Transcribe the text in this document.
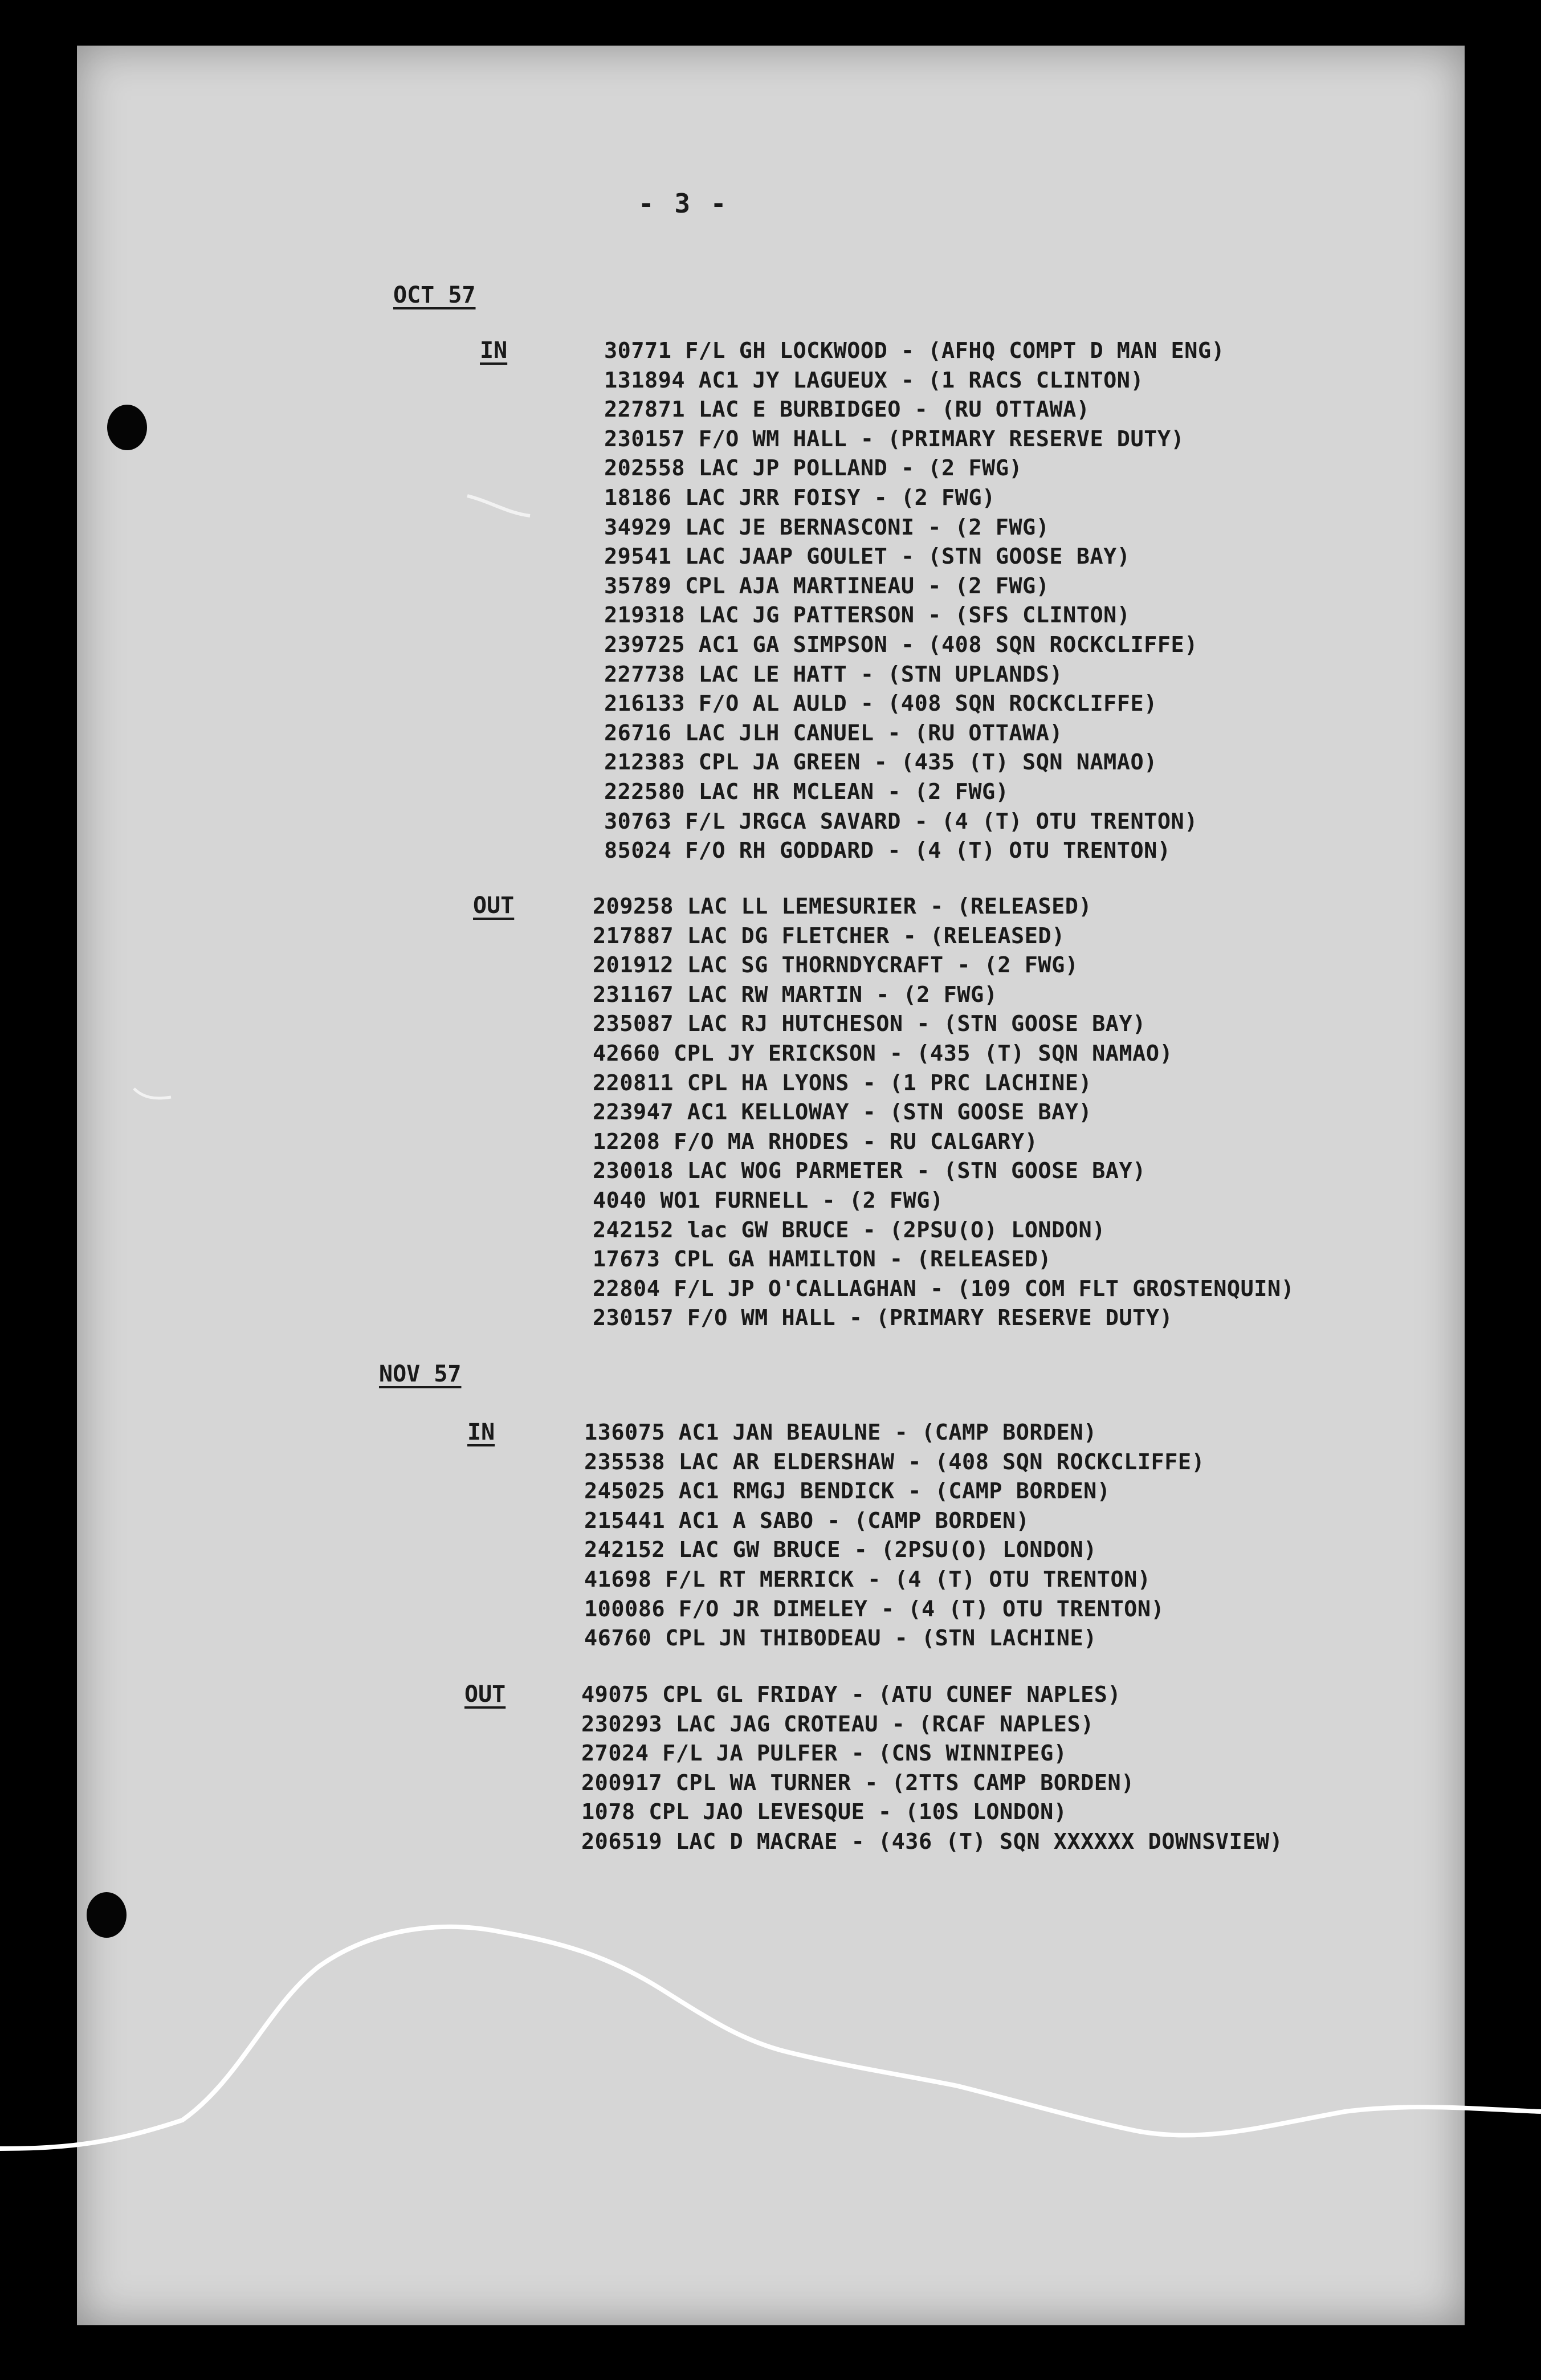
- 3 -
OCT 57
IN	30771 F/L GH LOCKWOOD - (AFHQ COMPT D MAN ENG)
131894 AC1 JY LAGUEUX - (1 RACS CLINTON)
227871 LAC E BURBIDGEO - (RU OTTAWA)
230157 F/O WM HALL - (PRIMARY RESERVE DUTY)
202558 LAC JP POLLAND - (2 FWG)
18186 LAC JRR FOISY - (2 FWG)
34929 LAC JE BERNASCONI - (2 FWG)
29541 LAC JAAP GOULET - (STN GOOSE BAY)
35789 CPL AJA MARTINEAU - (2 FWG)
219318 LAC JG PATTERSON - (SFS CLINTON)
239725 AC1 GA SIMPSON - (408 SQN ROCKCLIFFE)
227738 LAC LE HATT - (STN UPLANDS)
216133 F/O AL AULD - (408 SQN ROCKCLIFFE)
26716 LAC JLH CANUEL - (RU OTTAWA)
212383 CPL JA GREEN - (435 (T) SQN NAMAO)
222580 LAC HR MCLEAN - (2 FWG)
30763 F/L JRGCA SAVARD - (4 (T) OTU TRENTON)
85024 F/O RH GODDARD - (4 (T) OTU TRENTON)
OUT	209258 LAC LL LEMESURIER - (RELEASED)
217887 LAC DG FLETCHER - (RELEASED)
201912 LAC SG THORNDYCRAFT - (2 FWG)
231167 LAC RW MARTIN - (2 FWG)
235087 LAC RJ HUTCHESON - (STN GOOSE BAY)
42660 CPL JY ERICKSON - (435 (T) SQN NAMAO)
220811 CPL HA LYONS - (1 PRC LACHINE)
223947 AC1 KELLOWAY - (STN GOOSE BAY)
12208 F/O MA RHODES - RU CALGARY)
230018 LAC WOG PARMETER - (STN GOOSE BAY)
4040 WO1 FURNELL - (2 FWG)
242152 lac GW BRUCE - (2PSU(O) LONDON)
17673 CPL GA HAMILTON - (RELEASED)
22804 F/L JP O'CALLAGHAN - (109 COM FLT GROSTENQUIN)
230157 F/O WM HALL - (PRIMARY RESERVE DUTY)
NOV 57
IN	136075 AC1 JAN BEAULNE - (CAMP BORDEN)
235538 LAC AR ELDERSHAW - (408 SQN ROCKCLIFFE)
245025 AC1 RMGJ BENDICK - (CAMP BORDEN)
215441 AC1 A SABO - (CAMP BORDEN)
242152 LAC GW BRUCE - (2PSU(O) LONDON)
41698 F/L RT MERRICK - (4 (T) OTU TRENTON)
100086 F/O JR DIMELEY - (4 (T) OTU TRENTON)
46760 CPL JN THIBODEAU - (STN LACHINE)
OUT	49075 CPL GL FRIDAY - (ATU CUNEF NAPLES)
230293 LAC JAG CROTEAU - (RCAF NAPLES)
27024 F/L JA PULFER - (CNS WINNIPEG)
200917 CPL WA TURNER - (2TTS CAMP BORDEN)
1078 CPL JAO LEVESQUE - (10S LONDON)
206519 LAC D MACRAE - (436 (T) SQN XXXXXX DOWNSVIEW)
